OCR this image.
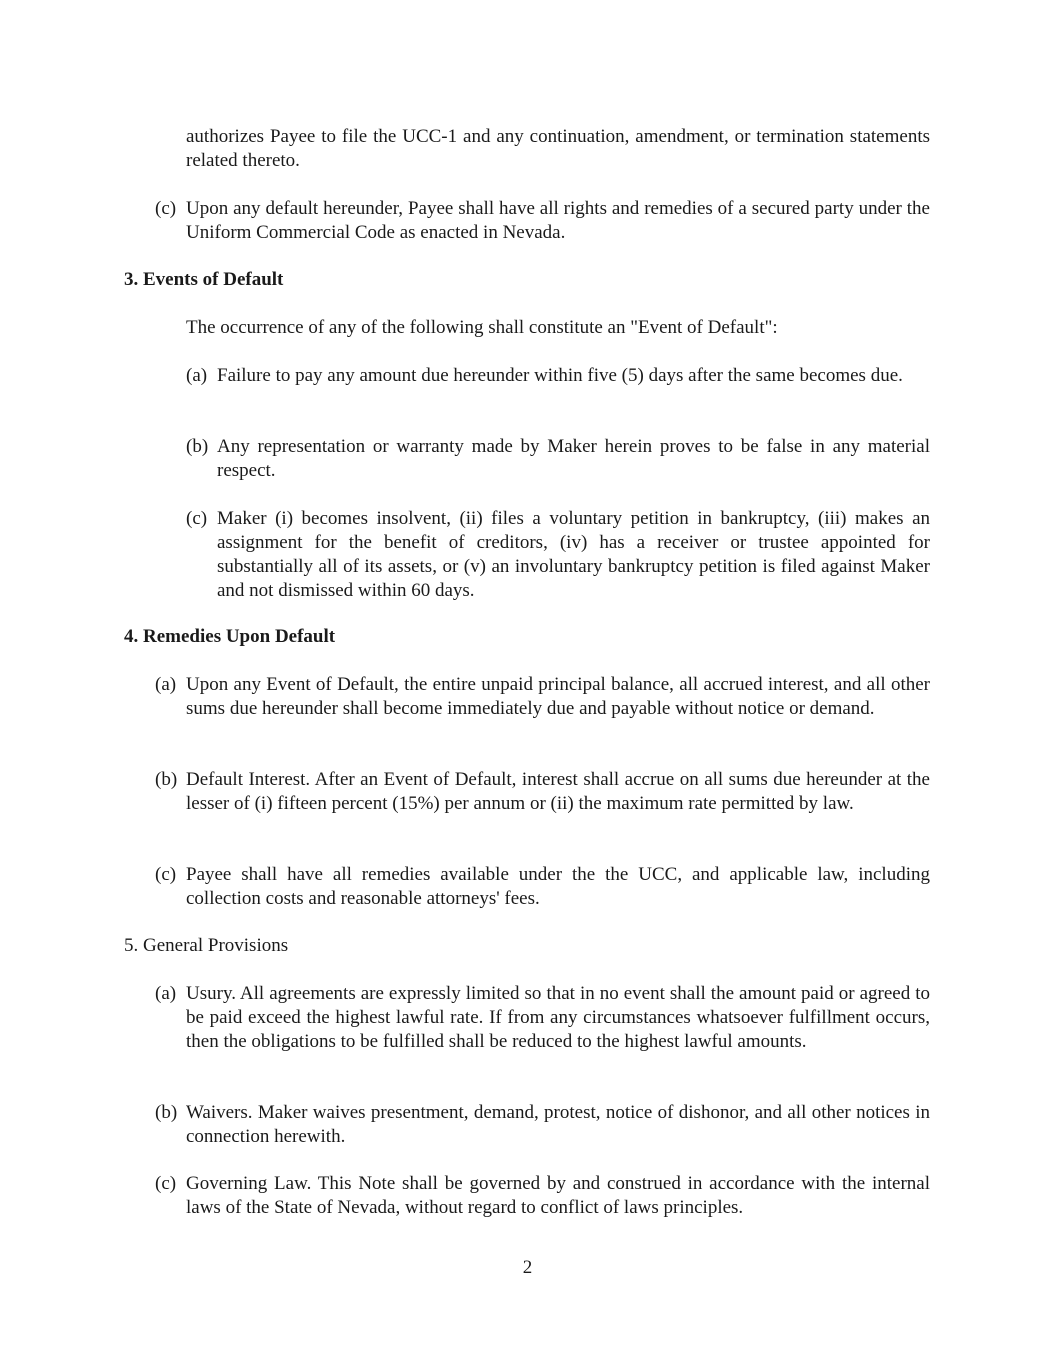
authorizes Payee to file the UCC-1 and any continuation, amendment, or termination statements related thereto.
(c) Upon any default hereunder, Payee shall have all rights and remedies of a secured party under the Uniform Commercial Code as enacted in Nevada.
3. Events of Default
The occurrence of any of the following shall constitute an "Event of Default":
(a) Failure to pay any amount due hereunder within five (5) days after the same becomes due.
(b) Any representation or warranty made by Maker herein proves to be false in any material respect.
(c) Maker (i) becomes insolvent, (ii) files a voluntary petition in bankruptcy, (iii) makes an assignment for the benefit of creditors, (iv) has a receiver or trustee appointed for substantially all of its assets, or (v) an involuntary bankruptcy petition is filed against Maker and not dismissed within 60 days.
4. Remedies Upon Default
(a) Upon any Event of Default, the entire unpaid principal balance, all accrued interest, and all other sums due hereunder shall become immediately due and payable without notice or demand.
(b) Default Interest. After an Event of Default, interest shall accrue on all sums due hereunder at the lesser of (i) fifteen percent (15%) per annum or (ii) the maximum rate permitted by law.
(c) Payee shall have all remedies available under the the UCC, and applicable law, including collection costs and reasonable attorneys' fees.
5. General Provisions
(a) Usury. All agreements are expressly limited so that in no event shall the amount paid or agreed to be paid exceed the highest lawful rate. If from any circumstances whatsoever fulfillment occurs, then the obligations to be fulfilled shall be reduced to the highest lawful amounts.
(b) Waivers. Maker waives presentment, demand, protest, notice of dishonor, and all other notices in connection herewith.
(c) Governing Law. This Note shall be governed by and construed in accordance with the internal laws of the State of Nevada, without regard to conflict of laws principles.
2
